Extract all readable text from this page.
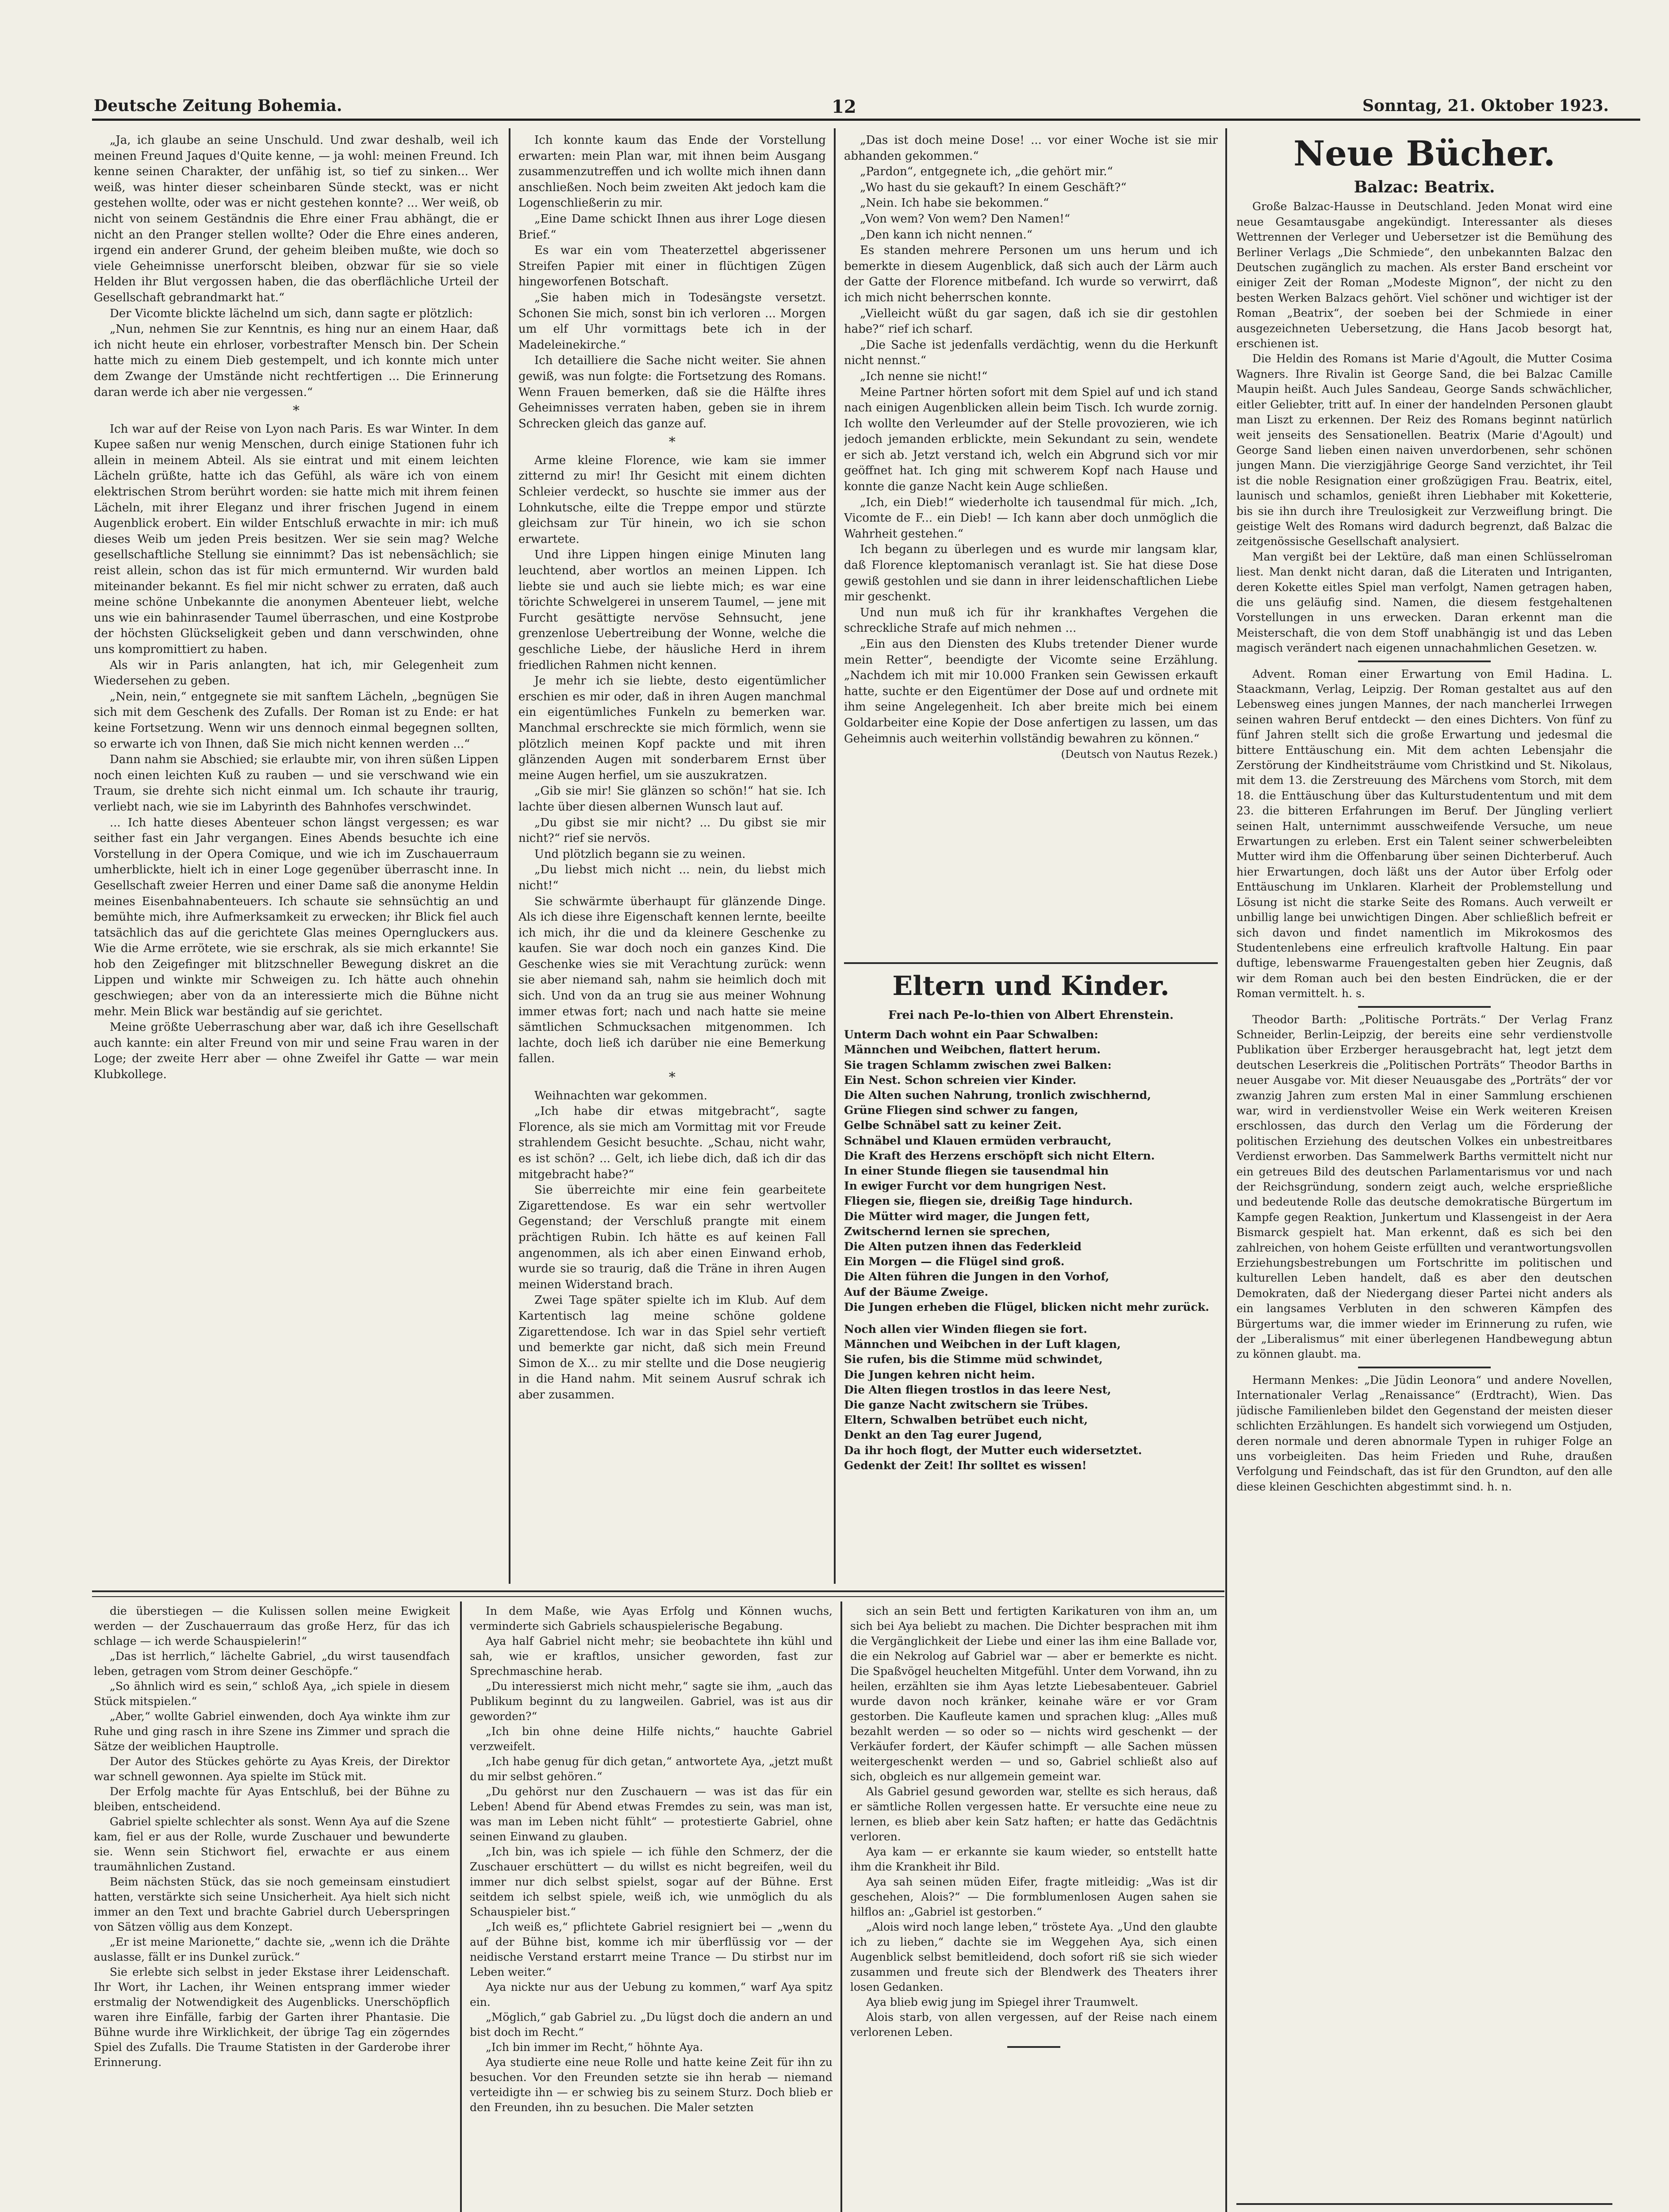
Deutsche Zeitung Bohemia.	12	Sonntag, 21. Oktober 1923.

„Ja, ich glaube an seine Unschuld. Und zwar deshalb, weil ich meinen Freund Jaques d'Quite kenne, — ja wohl: meinen Freund. Ich kenne seinen Charakter, der unfähig ist, so tief zu sinken... Wer weiß, was hinter dieser scheinbaren Sünde steckt, was er nicht gestehen wollte, oder was er nicht gestehen konnte? ... Wer weiß, ob nicht von seinem Geständnis die Ehre einer Frau abhängt, die er nicht an den Pranger stellen wollte? Oder die Ehre eines anderen, irgend ein anderer Grund, der geheim bleiben mußte, wie doch so viele Geheimnisse unerforscht bleiben, obzwar für sie so viele Helden ihr Blut vergossen haben, die das oberflächliche Urteil der Gesellschaft gebrandmarkt hat.“

Der Vicomte blickte lächelnd um sich, dann sagte er plötzlich:

„Nun, nehmen Sie zur Kenntnis, es hing nur an einem Haar, daß ich nicht heute ein ehrloser, vorbestrafter Mensch bin. Der Schein hatte mich zu einem Dieb gestempelt, und ich konnte mich unter dem Zwange der Umstände nicht rechtfertigen ... Die Erinnerung daran werde ich aber nie vergessen.“

*

Ich war auf der Reise von Lyon nach Paris. Es war Winter. In dem Kupee saßen nur wenig Menschen, durch einige Stationen fuhr ich allein in meinem Abteil. Als sie eintrat und mit einem leichten Lächeln grüßte, hatte ich das Gefühl, als wäre ich von einem elektrischen Strom berührt worden: sie hatte mich mit ihrem feinen Lächeln, mit ihrer Eleganz und ihrer frischen Jugend in einem Augenblick erobert. Ein wilder Entschluß erwachte in mir: ich muß dieses Weib um jeden Preis besitzen. Wer sie sein mag? Welche gesellschaftliche Stellung sie einnimmt? Das ist nebensächlich; sie reist allein, schon das ist für mich ermunternd. Wir wurden bald miteinander bekannt. Es fiel mir nicht schwer zu erraten, daß auch meine schöne Unbekannte die anonymen Abenteuer liebt, welche uns wie ein bahinrasender Taumel überraschen, und eine Kostprobe der höchsten Glückseligkeit geben und dann verschwinden, ohne uns kompromittiert zu haben.

Als wir in Paris anlangten, hat ich, mir Gelegenheit zum Wiedersehen zu geben.

„Nein, nein,“ entgegnete sie mit sanftem Lächeln, „begnügen Sie sich mit dem Geschenk des Zufalls. Der Roman ist zu Ende: er hat keine Fortsetzung. Wenn wir uns dennoch einmal begegnen sollten, so erwarte ich von Ihnen, daß Sie mich nicht kennen werden ...“

Dann nahm sie Abschied; sie erlaubte mir, von ihren süßen Lippen noch einen leichten Kuß zu rauben — und sie verschwand wie ein Traum, sie drehte sich nicht einmal um. Ich schaute ihr traurig, verliebt nach, wie sie im Labyrinth des Bahnhofes verschwindet.

... Ich hatte dieses Abenteuer schon längst vergessen; es war seither fast ein Jahr vergangen. Eines Abends besuchte ich eine Vorstellung in der Opera Comique, und wie ich im Zuschauerraum umherblickte, hielt ich in einer Loge gegenüber überrascht inne. In Gesellschaft zweier Herren und einer Dame saß die anonyme Heldin meines Eisenbahnabenteuers. Ich schaute sie sehnsüchtig an und bemühte mich, ihre Aufmerksamkeit zu erwecken; ihr Blick fiel auch tatsächlich das auf die gerichtete Glas meines Operngluckers aus. Wie die Arme errötete, wie sie erschrak, als sie mich erkannte! Sie hob den Zeigefinger mit blitzschneller Bewegung diskret an die Lippen und winkte mir Schweigen zu. Ich hätte auch ohnehin geschwiegen; aber von da an interessierte mich die Bühne nicht mehr. Mein Blick war beständig auf sie gerichtet.

Meine größte Ueberraschung aber war, daß ich ihre Gesellschaft auch kannte: ein alter Freund von mir und seine Frau waren in der Loge; der zweite Herr aber — ohne Zweifel ihr Gatte — war mein Klubkollege.

Ich konnte kaum das Ende der Vorstellung erwarten: mein Plan war, mit ihnen beim Ausgang zusammenzutreffen und ich wollte mich ihnen dann anschließen. Noch beim zweiten Akt jedoch kam die Logenschließerin zu mir.

„Eine Dame schickt Ihnen aus ihrer Loge diesen Brief.“

Es war ein vom Theaterzettel abgerissener Streifen Papier mit einer in flüchtigen Zügen hingeworfenen Botschaft.

„Sie haben mich in Todesängste versetzt. Schonen Sie mich, sonst bin ich verloren ... Morgen um elf Uhr vormittags bete ich in der Madeleinekirche.“

Ich detailliere die Sache nicht weiter. Sie ahnen gewiß, was nun folgte: die Fortsetzung des Romans. Wenn Frauen bemerken, daß sie die Hälfte ihres Geheimnisses verraten haben, geben sie in ihrem Schrecken gleich das ganze auf.

*

Arme kleine Florence, wie kam sie immer zitternd zu mir! Ihr Gesicht mit einem dichten Schleier verdeckt, so huschte sie immer aus der Lohnkutsche, eilte die Treppe empor und stürzte gleichsam zur Tür hinein, wo ich sie schon erwartete.

Und ihre Lippen hingen einige Minuten lang leuchtend, aber wortlos an meinen Lippen. Ich liebte sie und auch sie liebte mich; es war eine törichte Schwelgerei in unserem Taumel, — jene mit Furcht gesättigte nervöse Sehnsucht, jene grenzenlose Uebertreibung der Wonne, welche die geschliche Liebe, der häusliche Herd in ihrem friedlichen Rahmen nicht kennen.

Je mehr ich sie liebte, desto eigentümlicher erschien es mir oder, daß in ihren Augen manchmal ein eigentümliches Funkeln zu bemerken war. Manchmal erschreckte sie mich förmlich, wenn sie plötzlich meinen Kopf packte und mit ihren glänzenden Augen mit sonderbarem Ernst über meine Augen herfiel, um sie auszukratzen.

„Gib sie mir! Sie glänzen so schön!“ hat sie. Ich lachte über diesen albernen Wunsch laut auf.

„Du gibst sie mir nicht? ... Du gibst sie mir nicht?“ rief sie nervös.

Und plötzlich begann sie zu weinen.

„Du liebst mich nicht ... nein, du liebst mich nicht!“

Sie schwärmte überhaupt für glänzende Dinge. Als ich diese ihre Eigenschaft kennen lernte, beeilte ich mich, ihr die und da kleinere Geschenke zu kaufen. Sie war doch noch ein ganzes Kind. Die Geschenke wies sie mit Verachtung zurück: wenn sie aber niemand sah, nahm sie heimlich doch mit sich. Und von da an trug sie aus meiner Wohnung immer etwas fort; nach und nach hatte sie meine sämtlichen Schmucksachen mitgenommen. Ich lachte, doch ließ ich darüber nie eine Bemerkung fallen.

*

Weihnachten war gekommen.

„Ich habe dir etwas mitgebracht“, sagte Florence, als sie mich am Vormittag mit vor Freude strahlendem Gesicht besuchte. „Schau, nicht wahr, es ist schön? ... Gelt, ich liebe dich, daß ich dir das mitgebracht habe?“

Sie überreichte mir eine fein gearbeitete Zigarettendose. Es war ein sehr wertvoller Gegenstand; der Verschluß prangte mit einem prächtigen Rubin. Ich hätte es auf keinen Fall angenommen, als ich aber einen Einwand erhob, wurde sie so traurig, daß die Träne in ihren Augen meinen Widerstand brach.

Zwei Tage später spielte ich im Klub. Auf dem Kartentisch lag meine schöne goldene Zigarettendose. Ich war in das Spiel sehr vertieft und bemerkte gar nicht, daß sich mein Freund Simon de X... zu mir stellte und die Dose neugierig in die Hand nahm. Mit seinem Ausruf schrak ich aber zusammen.

„Das ist doch meine Dose! ... vor einer Woche ist sie mir abhanden gekommen.“

„Pardon“, entgegnete ich, „die gehört mir.“

„Wo hast du sie gekauft? In einem Geschäft?“

„Nein. Ich habe sie bekommen.“

„Von wem? Von wem? Den Namen!“

„Den kann ich nicht nennen.“

Es standen mehrere Personen um uns herum und ich bemerkte in diesem Augenblick, daß sich auch der Lärm auch der Gatte der Florence mitbefand. Ich wurde so verwirrt, daß ich mich nicht beherrschen konnte.

„Vielleicht wüßt du gar sagen, daß ich sie dir gestohlen habe?“ rief ich scharf.

„Die Sache ist jedenfalls verdächtig, wenn du die Herkunft nicht nennst.“

„Ich nenne sie nicht!“

Meine Partner hörten sofort mit dem Spiel auf und ich stand nach einigen Augenblicken allein beim Tisch. Ich wurde zornig. Ich wollte den Verleumder auf der Stelle provozieren, wie ich jedoch jemanden erblickte, mein Sekundant zu sein, wendete er sich ab. Jetzt verstand ich, welch ein Abgrund sich vor mir geöffnet hat. Ich ging mit schwerem Kopf nach Hause und konnte die ganze Nacht kein Auge schließen.

„Ich, ein Dieb!“ wiederholte ich tausendmal für mich. „Ich, Vicomte de F... ein Dieb! — Ich kann aber doch unmöglich die Wahrheit gestehen.“

Ich begann zu überlegen und es wurde mir langsam klar, daß Florence kleptomanisch veranlagt ist. Sie hat diese Dose gewiß gestohlen und sie dann in ihrer leidenschaftlichen Liebe mir geschenkt.

Und nun muß ich für ihr krankhaftes Vergehen die schreckliche Strafe auf mich nehmen ...

„Ein aus den Diensten des Klubs tretender Diener wurde mein Retter“, beendigte der Vicomte seine Erzählung. „Nachdem ich mit mir 10.000 Franken sein Gewissen erkauft hatte, suchte er den Eigentümer der Dose auf und ordnete mit ihm seine Angelegenheit. Ich aber breite mich bei einem Goldarbeiter eine Kopie der Dose anfertigen zu lassen, um das Geheimnis auch weiterhin vollständig bewahren zu können.“

(Deutsch von Nautus Rezek.)
Eltern und Kinder.
Frei nach Pe-lo-thien von Albert Ehrenstein.
Unterm Dach wohnt ein Paar Schwalben:
Männchen und Weibchen, flattert herum.
Sie tragen Schlamm zwischen zwei Balken:
Ein Nest. Schon schreien vier Kinder.
Die Alten suchen Nahrung, tronlich zwischhernd,
Grüne Fliegen sind schwer zu fangen,
Gelbe Schnäbel satt zu keiner Zeit.
Schnäbel und Klauen ermüden verbraucht,
Die Kraft des Herzens erschöpft sich nicht Eltern.
In einer Stunde fliegen sie tausendmal hin
In ewiger Furcht vor dem hungrigen Nest.
Fliegen sie, fliegen sie, dreißig Tage hindurch.
Die Mütter wird mager, die Jungen fett,
Zwitschernd lernen sie sprechen,
Die Alten putzen ihnen das Federkleid
Ein Morgen — die Flügel sind groß.
Die Alten führen die Jungen in den Vorhof,
Auf der Bäume Zweige.
Die Jungen erheben die Flügel, blicken nicht mehr zurück.
Noch allen vier Winden fliegen sie fort.
Männchen und Weibchen in der Luft klagen,
Sie rufen, bis die Stimme müd schwindet,
Die Jungen kehren nicht heim.
Die Alten fliegen trostlos in das leere Nest,
Die ganze Nacht zwitschern sie Trübes.
Eltern, Schwalben betrübet euch nicht,
Denkt an den Tag eurer Jugend,
Da ihr hoch flogt, der Mutter euch widersetztet.
Gedenkt der Zeit! Ihr solltet es wissen!

die überstiegen — die Kulissen sollen meine Ewigkeit werden — der Zuschauerraum das große Herz, für das ich schlage — ich werde Schauspielerin!“

„Das ist herrlich,“ lächelte Gabriel, „du wirst tausendfach leben, getragen vom Strom deiner Geschöpfe.“

„So ähnlich wird es sein,“ schloß Aya, „ich spiele in diesem Stück mitspielen.“

„Aber,“ wollte Gabriel einwenden, doch Aya winkte ihm zur Ruhe und ging rasch in ihre Szene ins Zimmer und sprach die Sätze der weiblichen Hauptrolle.

Der Autor des Stückes gehörte zu Ayas Kreis, der Direktor war schnell gewonnen. Aya spielte im Stück mit.

Der Erfolg machte für Ayas Entschluß, bei der Bühne zu bleiben, entscheidend.

Gabriel spielte schlechter als sonst. Wenn Aya auf die Szene kam, fiel er aus der Rolle, wurde Zuschauer und bewunderte sie. Wenn sein Stichwort fiel, erwachte er aus einem traumähnlichen Zustand.

Beim nächsten Stück, das sie noch gemeinsam einstudiert hatten, verstärkte sich seine Unsicherheit. Aya hielt sich nicht immer an den Text und brachte Gabriel durch Ueberspringen von Sätzen völlig aus dem Konzept.

„Er ist meine Marionette,“ dachte sie, „wenn ich die Drähte auslasse, fällt er ins Dunkel zurück.“

Sie erlebte sich selbst in jeder Ekstase ihrer Leidenschaft. Ihr Wort, ihr Lachen, ihr Weinen entsprang immer wieder erstmalig der Notwendigkeit des Augenblicks. Unerschöpflich waren ihre Einfälle, farbig der Garten ihrer Phantasie. Die Bühne wurde ihre Wirklichkeit, der übrige Tag ein zögerndes Spiel des Zufalls. Die Traume Statisten in der Garderobe ihrer Erinnerung.

In dem Maße, wie Ayas Erfolg und Können wuchs, verminderte sich Gabriels schauspielerische Begabung.

Aya half Gabriel nicht mehr; sie beobachtete ihn kühl und sah, wie er kraftlos, unsicher geworden, fast zur Sprechmaschine herab.

„Du interessierst mich nicht mehr,“ sagte sie ihm, „auch das Publikum beginnt du zu langweilen. Gabriel, was ist aus dir geworden?“

„Ich bin ohne deine Hilfe nichts,“ hauchte Gabriel verzweifelt.

„Ich habe genug für dich getan,“ antwortete Aya, „jetzt mußt du mir selbst gehören.“

„Du gehörst nur den Zuschauern — was ist das für ein Leben! Abend für Abend etwas Fremdes zu sein, was man ist, was man im Leben nicht fühlt“ — protestierte Gabriel, ohne seinen Einwand zu glauben.

„Ich bin, was ich spiele — ich fühle den Schmerz, der die Zuschauer erschüttert — du willst es nicht begreifen, weil du immer nur dich selbst spielst, sogar auf der Bühne. Erst seitdem ich selbst spiele, weiß ich, wie unmöglich du als Schauspieler bist.“

„Ich weiß es,“ pflichtete Gabriel resigniert bei — „wenn du auf der Bühne bist, komme ich mir überflüssig vor — der neidische Verstand erstarrt meine Trance — Du stirbst nur im Leben weiter.“

Aya nickte nur aus der Uebung zu kommen,“ warf Aya spitz ein.

„Möglich,“ gab Gabriel zu. „Du lügst doch die andern an und bist doch im Recht.“

„Ich bin immer im Recht,“ höhnte Aya.

Aya studierte eine neue Rolle und hatte keine Zeit für ihn zu besuchen. Vor den Freunden setzte sie ihn herab — niemand verteidigte ihn — er schwieg bis zu seinem Sturz. Doch blieb er den Freunden, ihn zu besuchen. Die Maler setzten

sich an sein Bett und fertigten Karikaturen von ihm an, um sich bei Aya beliebt zu machen. Die Dichter besprachen mit ihm die Vergänglichkeit der Liebe und einer las ihm eine Ballade vor, die ein Nekrolog auf Gabriel war — aber er bemerkte es nicht. Die Spaßvögel heuchelten Mitgefühl. Unter dem Vorwand, ihn zu heilen, erzählten sie ihm Ayas letzte Liebesabenteuer. Gabriel wurde davon noch kränker, keinahe wäre er vor Gram gestorben. Die Kaufleute kamen und sprachen klug: „Alles muß bezahlt werden — so oder so — nichts wird geschenkt — der Verkäufer fordert, der Käufer schimpft — alle Sachen müssen weitergeschenkt werden — und so, Gabriel schließt also auf sich, obgleich es nur allgemein gemeint war.

Als Gabriel gesund geworden war, stellte es sich heraus, daß er sämtliche Rollen vergessen hatte. Er versuchte eine neue zu lernen, es blieb aber kein Satz haften; er hatte das Gedächtnis verloren.

Aya kam — er erkannte sie kaum wieder, so entstellt hatte ihm die Krankheit ihr Bild.

Aya sah seinen müden Eifer, fragte mitleidig: „Was ist dir geschehen, Alois?“ — Die formblumenlosen Augen sahen sie hilflos an: „Gabriel ist gestorben.“

„Alois wird noch lange leben,“ tröstete Aya. „Und den glaubte ich zu lieben,“ dachte sie im Weggehen Aya, sich einen Augenblick selbst bemitleidend, doch sofort riß sie sich wieder zusammen und freute sich der Blendwerk des Theaters ihrer losen Gedanken.

Aya blieb ewig jung im Spiegel ihrer Traumwelt.

Alois starb, von allen vergessen, auf der Reise nach einem verlorenen Leben.

Neue Bücher.
Balzac: Beatrix.

Große Balzac-Hausse in Deutschland. Jeden Monat wird eine neue Gesamtausgabe angekündigt. Interessanter als dieses Wettrennen der Verleger und Uebersetzer ist die Bemühung des Berliner Verlags „Die Schmiede“, den unbekannten Balzac den Deutschen zugänglich zu machen. Als erster Band erscheint vor einiger Zeit der Roman „Modeste Mignon“, der nicht zu den besten Werken Balzacs gehört. Viel schöner und wichtiger ist der Roman „Beatrix“, der soeben bei der Schmiede in einer ausgezeichneten Uebersetzung, die Hans Jacob besorgt hat, erschienen ist.

Die Heldin des Romans ist Marie d'Agoult, die Mutter Cosima Wagners. Ihre Rivalin ist George Sand, die bei Balzac Camille Maupin heißt. Auch Jules Sandeau, George Sands schwächlicher, eitler Geliebter, tritt auf. In einer der handelnden Personen glaubt man Liszt zu erkennen. Der Reiz des Romans beginnt natürlich weit jenseits des Sensationellen. Beatrix (Marie d'Agoult) und George Sand lieben einen naiven unverdorbenen, sehr schönen jungen Mann. Die vierzigjährige George Sand verzichtet, ihr Teil ist die noble Resignation einer großzügigen Frau. Beatrix, eitel, launisch und schamlos, genießt ihren Liebhaber mit Koketterie, bis sie ihn durch ihre Treulosigkeit zur Verzweiflung bringt. Die geistige Welt des Romans wird dadurch begrenzt, daß Balzac die zeitgenössische Gesellschaft analysiert.

Man vergißt bei der Lektüre, daß man einen Schlüsselroman liest. Man denkt nicht daran, daß die Literaten und Intriganten, deren Kokette eitles Spiel man verfolgt, Namen getragen haben, die uns geläufig sind. Namen, die diesem festgehaltenen Vorstellungen in uns erwecken. Daran erkennt man die Meisterschaft, die von dem Stoff unabhängig ist und das Leben magisch verändert nach eigenen unnachahmlichen Gesetzen. w.

Advent. Roman einer Erwartung von Emil Hadina. L. Staackmann, Verlag, Leipzig. Der Roman gestaltet aus auf den Lebensweg eines jungen Mannes, der nach mancherlei Irrwegen seinen wahren Beruf entdeckt — den eines Dichters. Von fünf zu fünf Jahren stellt sich die große Erwartung und jedesmal die bittere Enttäuschung ein. Mit dem achten Lebensjahr die Zerstörung der Kindheitsträume vom Christkind und St. Nikolaus, mit dem 13. die Zerstreuung des Märchens vom Storch, mit dem 18. die Enttäuschung über das Kulturstudententum und mit dem 23. die bitteren Erfahrungen im Beruf. Der Jüngling verliert seinen Halt, unternimmt ausschweifende Versuche, um neue Erwartungen zu erleben. Erst ein Talent seiner schwerbeleibten Mutter wird ihm die Offenbarung über seinen Dichterberuf. Auch hier Erwartungen, doch läßt uns der Autor über Erfolg oder Enttäuschung im Unklaren. Klarheit der Problemstellung und Lösung ist nicht die starke Seite des Romans. Auch verweilt er unbillig lange bei unwichtigen Dingen. Aber schließlich befreit er sich davon und findet namentlich im Mikrokosmos des Studentenlebens eine erfreulich kraftvolle Haltung. Ein paar duftige, lebenswarme Frauengestalten geben hier Zeugnis, daß wir dem Roman auch bei den besten Eindrücken, die er der Roman vermittelt. h. s.

Theodor Barth: „Politische Porträts.“ Der Verlag Franz Schneider, Berlin-Leipzig, der bereits eine sehr verdienstvolle Publikation über Erzberger herausgebracht hat, legt jetzt dem deutschen Leserkreis die „Politischen Porträts“ Theodor Barths in neuer Ausgabe vor. Mit dieser Neuausgabe des „Porträts“ der vor zwanzig Jahren zum ersten Mal in einer Sammlung erschienen war, wird in verdienstvoller Weise ein Werk weiteren Kreisen erschlossen, das durch den Verlag um die Förderung der politischen Erziehung des deutschen Volkes ein unbestreitbares Verdienst erworben. Das Sammelwerk Barths vermittelt nicht nur ein getreues Bild des deutschen Parlamentarismus vor und nach der Reichsgründung, sondern zeigt auch, welche ersprießliche und bedeutende Rolle das deutsche demokratische Bürgertum im Kampfe gegen Reaktion, Junkertum und Klassengeist in der Aera Bismarck gespielt hat. Man erkennt, daß es sich bei den zahlreichen, von hohem Geiste erfüllten und verantwortungsvollen Erziehungsbestrebungen um Fortschritte im politischen und kulturellen Leben handelt, daß es aber den deutschen Demokraten, daß der Niedergang dieser Partei nicht anders als ein langsames Verbluten in den schweren Kämpfen des Bürgertums war, die immer wieder im Erinnerung zu rufen, wie der „Liberalismus“ mit einer überlegenen Handbewegung abtun zu können glaubt. ma.

Hermann Menkes: „Die Jüdin Leonora“ und andere Novellen, Internationaler Verlag „Renaissance“ (Erdtracht), Wien. Das jüdische Familienleben bildet den Gegenstand der meisten dieser schlichten Erzählungen. Es handelt sich vorwiegend um Ostjuden, deren normale und deren abnormale Typen in ruhiger Folge an uns vorbeigleiten. Das heim Frieden und Ruhe, draußen Verfolgung und Feindschaft, das ist für den Grundton, auf den alle diese kleinen Geschichten abgestimmt sind. h. n.
